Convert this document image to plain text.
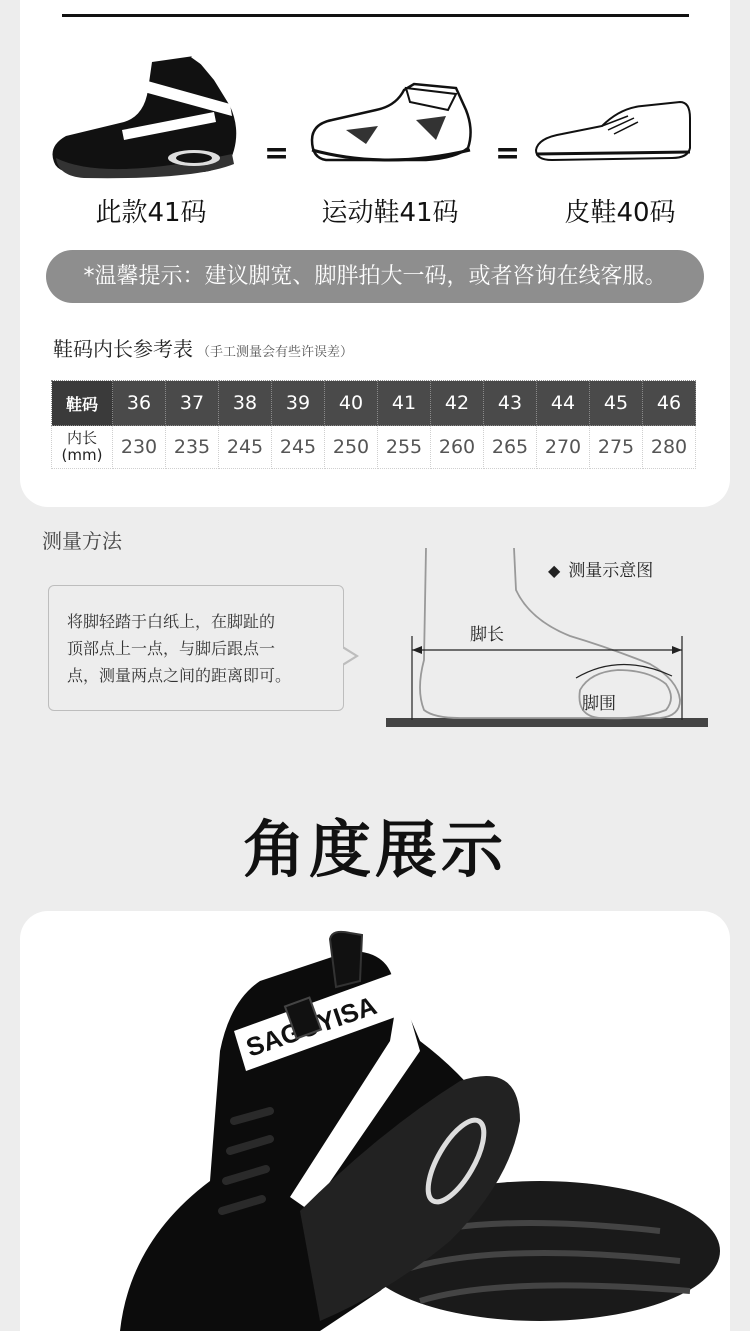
此款41码
=
运动鞋41码
=
皮鞋40码
*温馨提示：建议脚宽、脚胖拍大一码，或者咨询在线客服。
鞋码内长参考表 （手工测量会有些许误差）
鞋码	36	37	38	39	40	41	42	43	44	45	46
内长
(mm)	230	235	245	245	250	255	260	265	270	275	280
测量方法
将脚轻踏于白纸上，在脚趾的
顶部点上一点，与脚后跟点一
点，测量两点之间的距离即可。
◆ 测量示意图
脚长
脚围
角度展示
